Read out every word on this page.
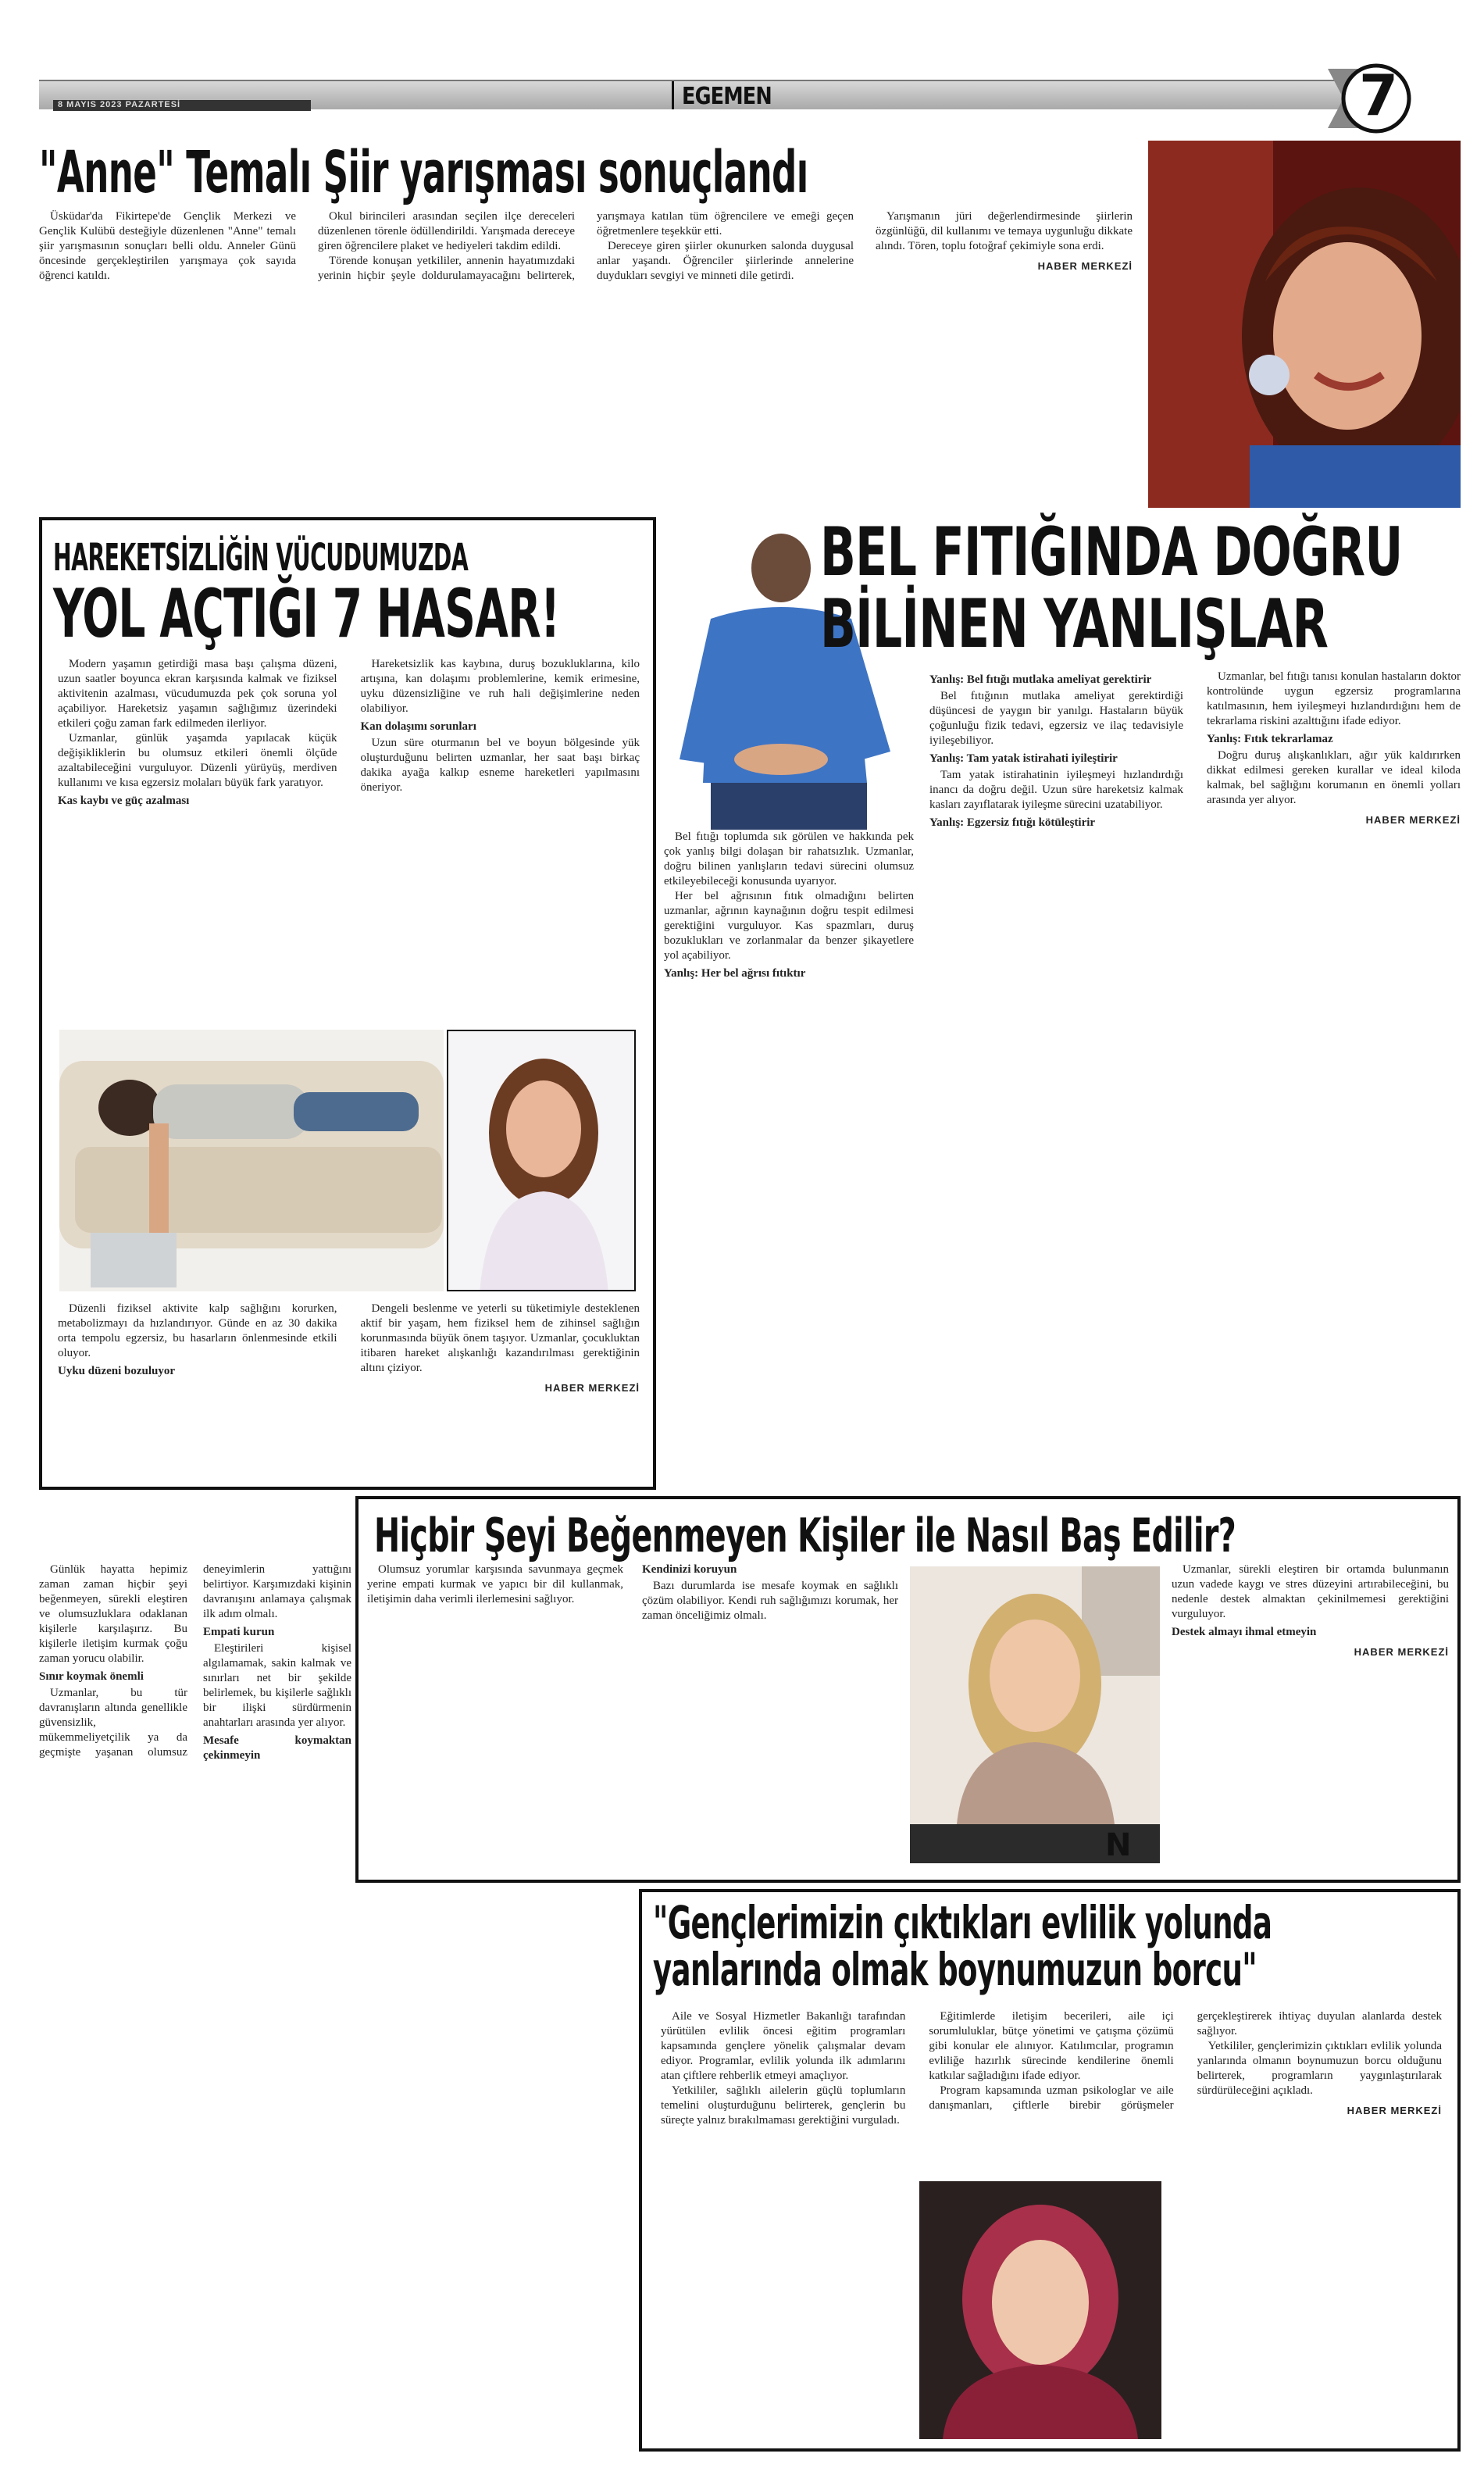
8 MAYIS 2023 PAZARTESİ	EGEMEN	7
"Anne" Temalı Şiir yarışması sonuçlandı

Üsküdar'da Fikirtepe'de Gençlik Merkezi ve Gençlik Kulübü desteğiyle düzenlenen "Anne" temalı şiir yarışmasının sonuçları belli oldu. Anneler Günü öncesinde gerçekleştirilen yarışmaya çok sayıda öğrenci katıldı.

Okul birincileri arasından seçilen ilçe dereceleri düzenlenen törenle ödüllendirildi. Yarışmada dereceye giren öğrencilere plaket ve hediyeleri takdim edildi.

Törende konuşan yetkililer, annenin hayatımızdaki yerinin hiçbir şeyle doldurulamayacağını belirterek, yarışmaya katılan tüm öğrencilere ve emeği geçen öğretmenlere teşekkür etti.

Dereceye giren şiirler okunurken salonda duygusal anlar yaşandı. Öğrenciler şiirlerinde annelerine duydukları sevgiyi ve minneti dile getirdi.

Yarışmanın jüri değerlendirmesinde şiirlerin özgünlüğü, dil kullanımı ve temaya uygunluğu dikkate alındı. Tören, toplu fotoğraf çekimiyle sona erdi.

HABER MERKEZİ
HAREKETSİZLİĞİN VÜCUDUMUZDA
YOL AÇTIĞI 7 HASAR!

Modern yaşamın getirdiği masa başı çalışma düzeni, uzun saatler boyunca ekran karşısında kalmak ve fiziksel aktivitenin azalması, vücudumuzda pek çok soruna yol açabiliyor. Hareketsiz yaşamın sağlığımız üzerindeki etkileri çoğu zaman fark edilmeden ilerliyor.

Uzmanlar, günlük yaşamda yapılacak küçük değişikliklerin bu olumsuz etkileri önemli ölçüde azaltabileceğini vurguluyor. Düzenli yürüyüş, merdiven kullanımı ve kısa egzersiz molaları büyük fark yaratıyor.

Kas kaybı ve güç azalması

Hareketsizlik kas kaybına, duruş bozukluklarına, kilo artışına, kan dolaşımı problemlerine, kemik erimesine, uyku düzensizliğine ve ruh hali değişimlerine neden olabiliyor.

Kan dolaşımı sorunları

Uzun süre oturmanın bel ve boyun bölgesinde yük oluşturduğunu belirten uzmanlar, her saat başı birkaç dakika ayağa kalkıp esneme hareketleri yapılmasını öneriyor.

Düzenli fiziksel aktivite kalp sağlığını korurken, metabolizmayı da hızlandırıyor. Günde en az 30 dakika orta tempolu egzersiz, bu hasarların önlenmesinde etkili oluyor.

Uyku düzeni bozuluyor

Dengeli beslenme ve yeterli su tüketimiyle desteklenen aktif bir yaşam, hem fiziksel hem de zihinsel sağlığın korunmasında büyük önem taşıyor. Uzmanlar, çocukluktan itibaren hareket alışkanlığı kazandırılması gerektiğinin altını çiziyor.

HABER MERKEZİ
BEL FITIĞINDA DOĞRU
BİLİNEN YANLIŞLAR

Bel fıtığı toplumda sık görülen ve hakkında pek çok yanlış bilgi dolaşan bir rahatsızlık. Uzmanlar, doğru bilinen yanlışların tedavi sürecini olumsuz etkileyebileceği konusunda uyarıyor.

Her bel ağrısının fıtık olmadığını belirten uzmanlar, ağrının kaynağının doğru tespit edilmesi gerektiğini vurguluyor. Kas spazmları, duruş bozuklukları ve zorlanmalar da benzer şikayetlere yol açabiliyor.

Yanlış: Her bel ağrısı fıtıktır
Yanlış: Bel fıtığı mutlaka ameliyat gerektirir

Bel fıtığının mutlaka ameliyat gerektirdiği düşüncesi de yaygın bir yanılgı. Hastaların büyük çoğunluğu fizik tedavi, egzersiz ve ilaç tedavisiyle iyileşebiliyor.

Yanlış: Tam yatak istirahati iyileştirir

Tam yatak istirahatinin iyileşmeyi hızlandırdığı inancı da doğru değil. Uzun süre hareketsiz kalmak kasları zayıflatarak iyileşme sürecini uzatabiliyor.

Yanlış: Egzersiz fıtığı kötüleştirir

Uzmanlar, bel fıtığı tanısı konulan hastaların doktor kontrolünde uygun egzersiz programlarına katılmasının, hem iyileşmeyi hızlandırdığını hem de tekrarlama riskini azalttığını ifade ediyor.

Yanlış: Fıtık tekrarlamaz

Doğru duruş alışkanlıkları, ağır yük kaldırırken dikkat edilmesi gereken kurallar ve ideal kiloda kalmak, bel sağlığını korumanın en önemli yolları arasında yer alıyor.

HABER MERKEZİ
Hiçbir Şeyi Beğenmeyen Kişiler ile Nasıl Baş Edilir?

Günlük hayatta hepimiz zaman zaman hiçbir şeyi beğenmeyen, sürekli eleştiren ve olumsuzluklara odaklanan kişilerle karşılaşırız. Bu kişilerle iletişim kurmak çoğu zaman yorucu olabilir.

Sınır koymak önemli

Uzmanlar, bu tür davranışların altında genellikle güvensizlik, mükemmeliyetçilik ya da geçmişte yaşanan olumsuz deneyimlerin yattığını belirtiyor. Karşımızdaki kişinin davranışını anlamaya çalışmak ilk adım olmalı.

Empati kurun

Eleştirileri kişisel algılamamak, sakin kalmak ve sınırları net bir şekilde belirlemek, bu kişilerle sağlıklı bir ilişki sürdürmenin anahtarları arasında yer alıyor.

Mesafe koymaktan çekinmeyin

Olumsuz yorumlar karşısında savunmaya geçmek yerine empati kurmak ve yapıcı bir dil kullanmak, iletişimin daha verimli ilerlemesini sağlıyor.

Kendinizi koruyun

Bazı durumlarda ise mesafe koymak en sağlıklı çözüm olabiliyor. Kendi ruh sağlığımızı korumak, her zaman önceliğimiz olmalı.

N

Uzmanlar, sürekli eleştiren bir ortamda bulunmanın uzun vadede kaygı ve stres düzeyini artırabileceğini, bu nedenle destek almaktan çekinilmemesi gerektiğini vurguluyor.

Destek almayı ihmal etmeyin
HABER MERKEZİ
"Gençlerimizin çıktıkları evlilik yolunda
yanlarında olmak boynumuzun borcu"

Aile ve Sosyal Hizmetler Bakanlığı tarafından yürütülen evlilik öncesi eğitim programları kapsamında gençlere yönelik çalışmalar devam ediyor. Programlar, evlilik yolunda ilk adımlarını atan çiftlere rehberlik etmeyi amaçlıyor.

Yetkililer, sağlıklı ailelerin güçlü toplumların temelini oluşturduğunu belirterek, gençlerin bu süreçte yalnız bırakılmaması gerektiğini vurguladı.

Eğitimlerde iletişim becerileri, aile içi sorumluluklar, bütçe yönetimi ve çatışma çözümü gibi konular ele alınıyor. Katılımcılar, programın evliliğe hazırlık sürecinde kendilerine önemli katkılar sağladığını ifade ediyor.

Program kapsamında uzman psikologlar ve aile danışmanları, çiftlerle birebir görüşmeler gerçekleştirerek ihtiyaç duyulan alanlarda destek sağlıyor.

Yetkililer, gençlerimizin çıktıkları evlilik yolunda yanlarında olmanın boynumuzun borcu olduğunu belirterek, programların yaygınlaştırılarak sürdürüleceğini açıkladı.

HABER MERKEZİ
